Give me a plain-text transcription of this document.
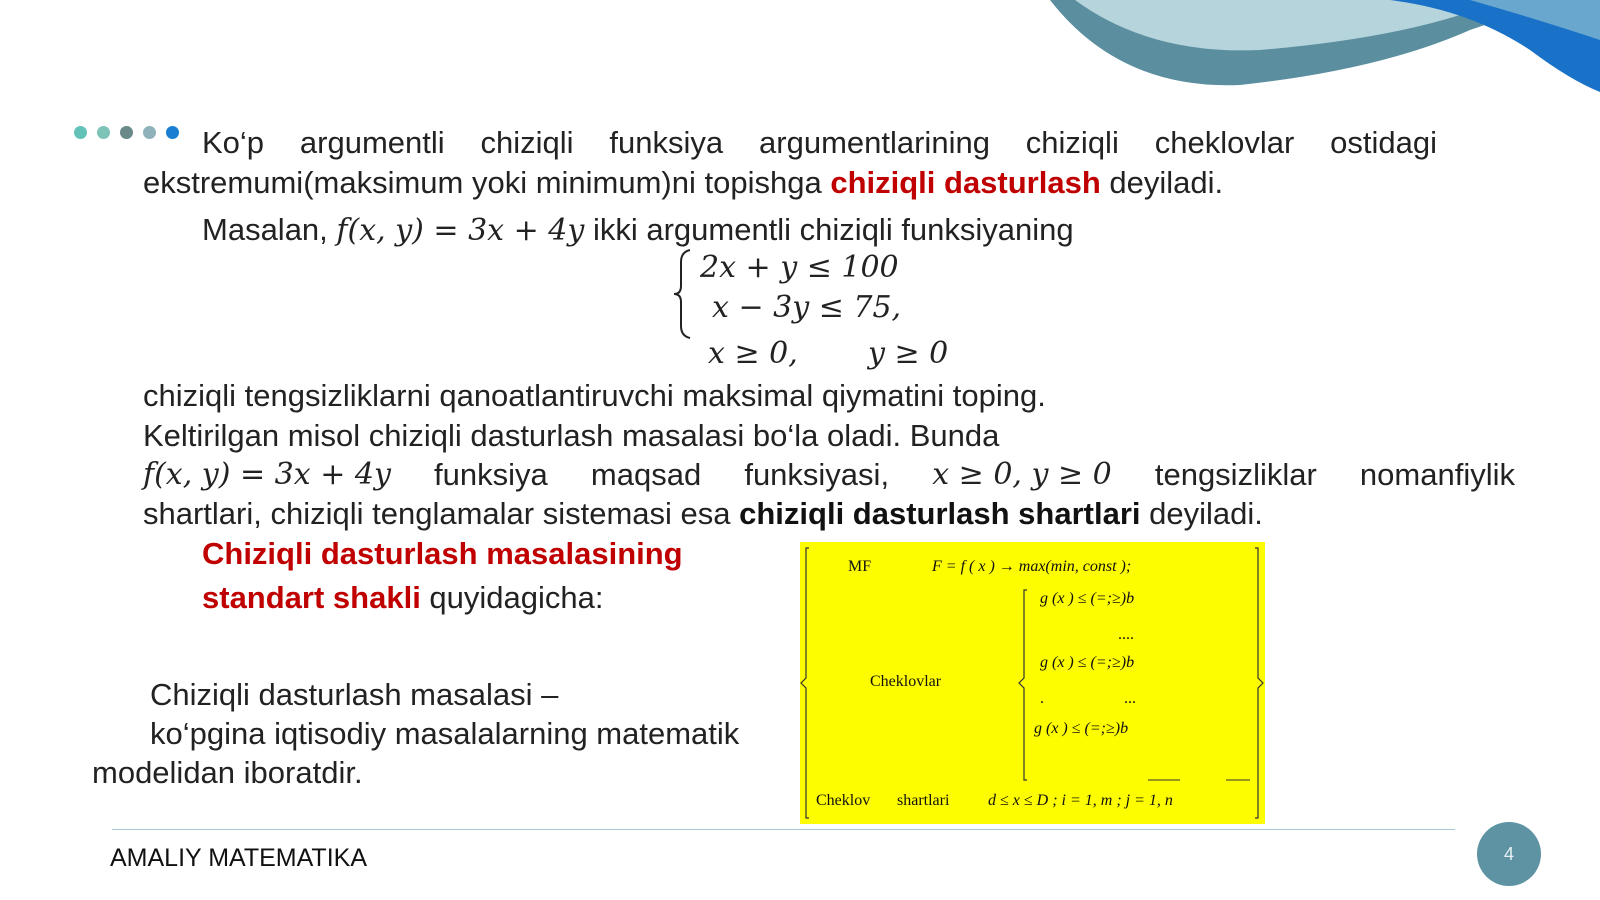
Ko‘p argumentli chiziqli funksiya argumentlarining chiziqli cheklovlar ostidagi
ekstremumi(maksimum yoki minimum)ni topishga chiziqli dasturlash deyiladi.
Masalan, f(x, y) = 3x + 4y ikki argumentli chiziqli funksiyaning
2x + y ≤ 100
x − 3y ≤ 75,
x ≥ 0, y ≥ 0
chiziqli tengsizliklarni qanoatlantiruvchi maksimal qiymatini toping.
Keltirilgan misol chiziqli dasturlash masalasi bo‘la oladi. Bunda
f(x, y) = 3x + 4y funksiya maqsad funksiyasi, x ≥ 0, y ≥ 0 tengsizliklar nomanfiylik
shartlari, chiziqli tenglamalar sistemasi esa chiziqli dasturlash shartlari deyiladi.
Chiziqli dasturlash masalasining
standart shakli quyidagicha:
Chiziqli dasturlash masalasi –
ko‘pgina iqtisodiy masalalarning matematik
modelidan iboratdir.
MF	F = f ( x ) → max(min, const );
Cheklovlar
g (x ) ≤ (=;≥)b
....
g (x ) ≤ (=;≥)b
.	...
g (x ) ≤ (=;≥)b
Cheklov shartlari d ≤ x ≤ D ; i = 1, m ; j = 1, n
AMALIY MATEMATIKA	4
